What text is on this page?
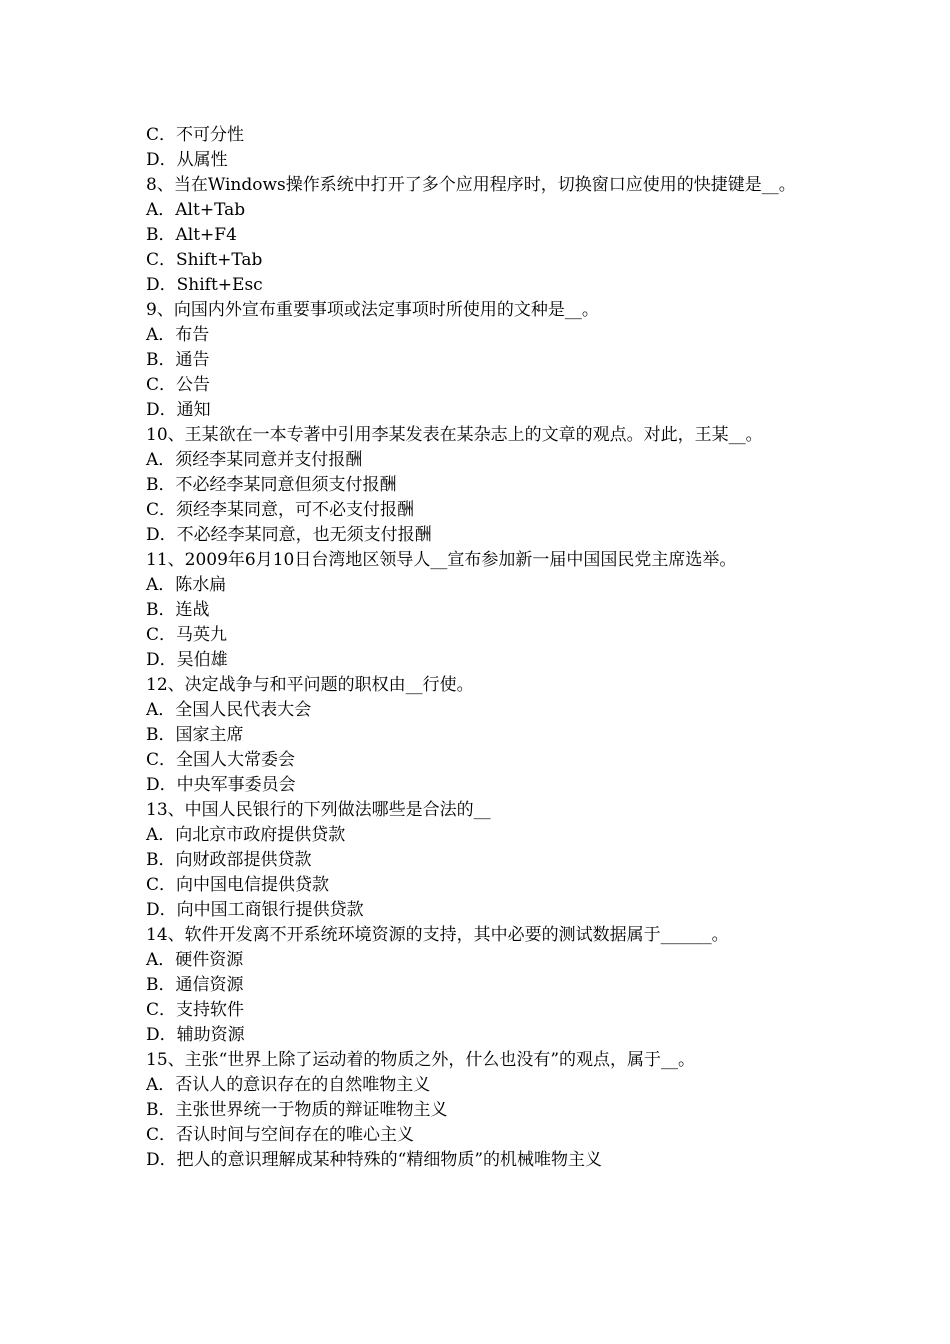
C．不可分性

D．从属性

8、当在Windows操作系统中打开了多个应用程序时，切换窗口应使用的快捷键是__。

A．Alt+Tab

B．Alt+F4

C．Shift+Tab

D．Shift+Esc

9、向国内外宣布重要事项或法定事项时所使用的文种是__。

A．布告

B．通告

C．公告

D．通知

10、王某欲在一本专著中引用李某发表在某杂志上的文章的观点。对此，王某__。

A．须经李某同意并支付报酬

B．不必经李某同意但须支付报酬

C．须经李某同意，可不必支付报酬

D．不必经李某同意，也无须支付报酬

11、2009年6月10日台湾地区领导人__宣布参加新一届中国国民党主席选举。

A．陈水扁

B．连战

C．马英九

D．吴伯雄

12、决定战争与和平问题的职权由__行使。

A．全国人民代表大会

B．国家主席

C．全国人大常委会

D．中央军事委员会

13、中国人民银行的下列做法哪些是合法的__

A．向北京市政府提供贷款

B．向财政部提供贷款

C．向中国电信提供贷款

D．向中国工商银行提供贷款

14、软件开发离不开系统环境资源的支持，其中必要的测试数据属于______。

A．硬件资源

B．通信资源

C．支持软件

D．辅助资源

15、主张“世界上除了运动着的物质之外，什么也没有”的观点，属于__。

A．否认人的意识存在的自然唯物主义

B．主张世界统一于物质的辩证唯物主义

C．否认时间与空间存在的唯心主义

D．把人的意识理解成某种特殊的“精细物质”的机械唯物主义
